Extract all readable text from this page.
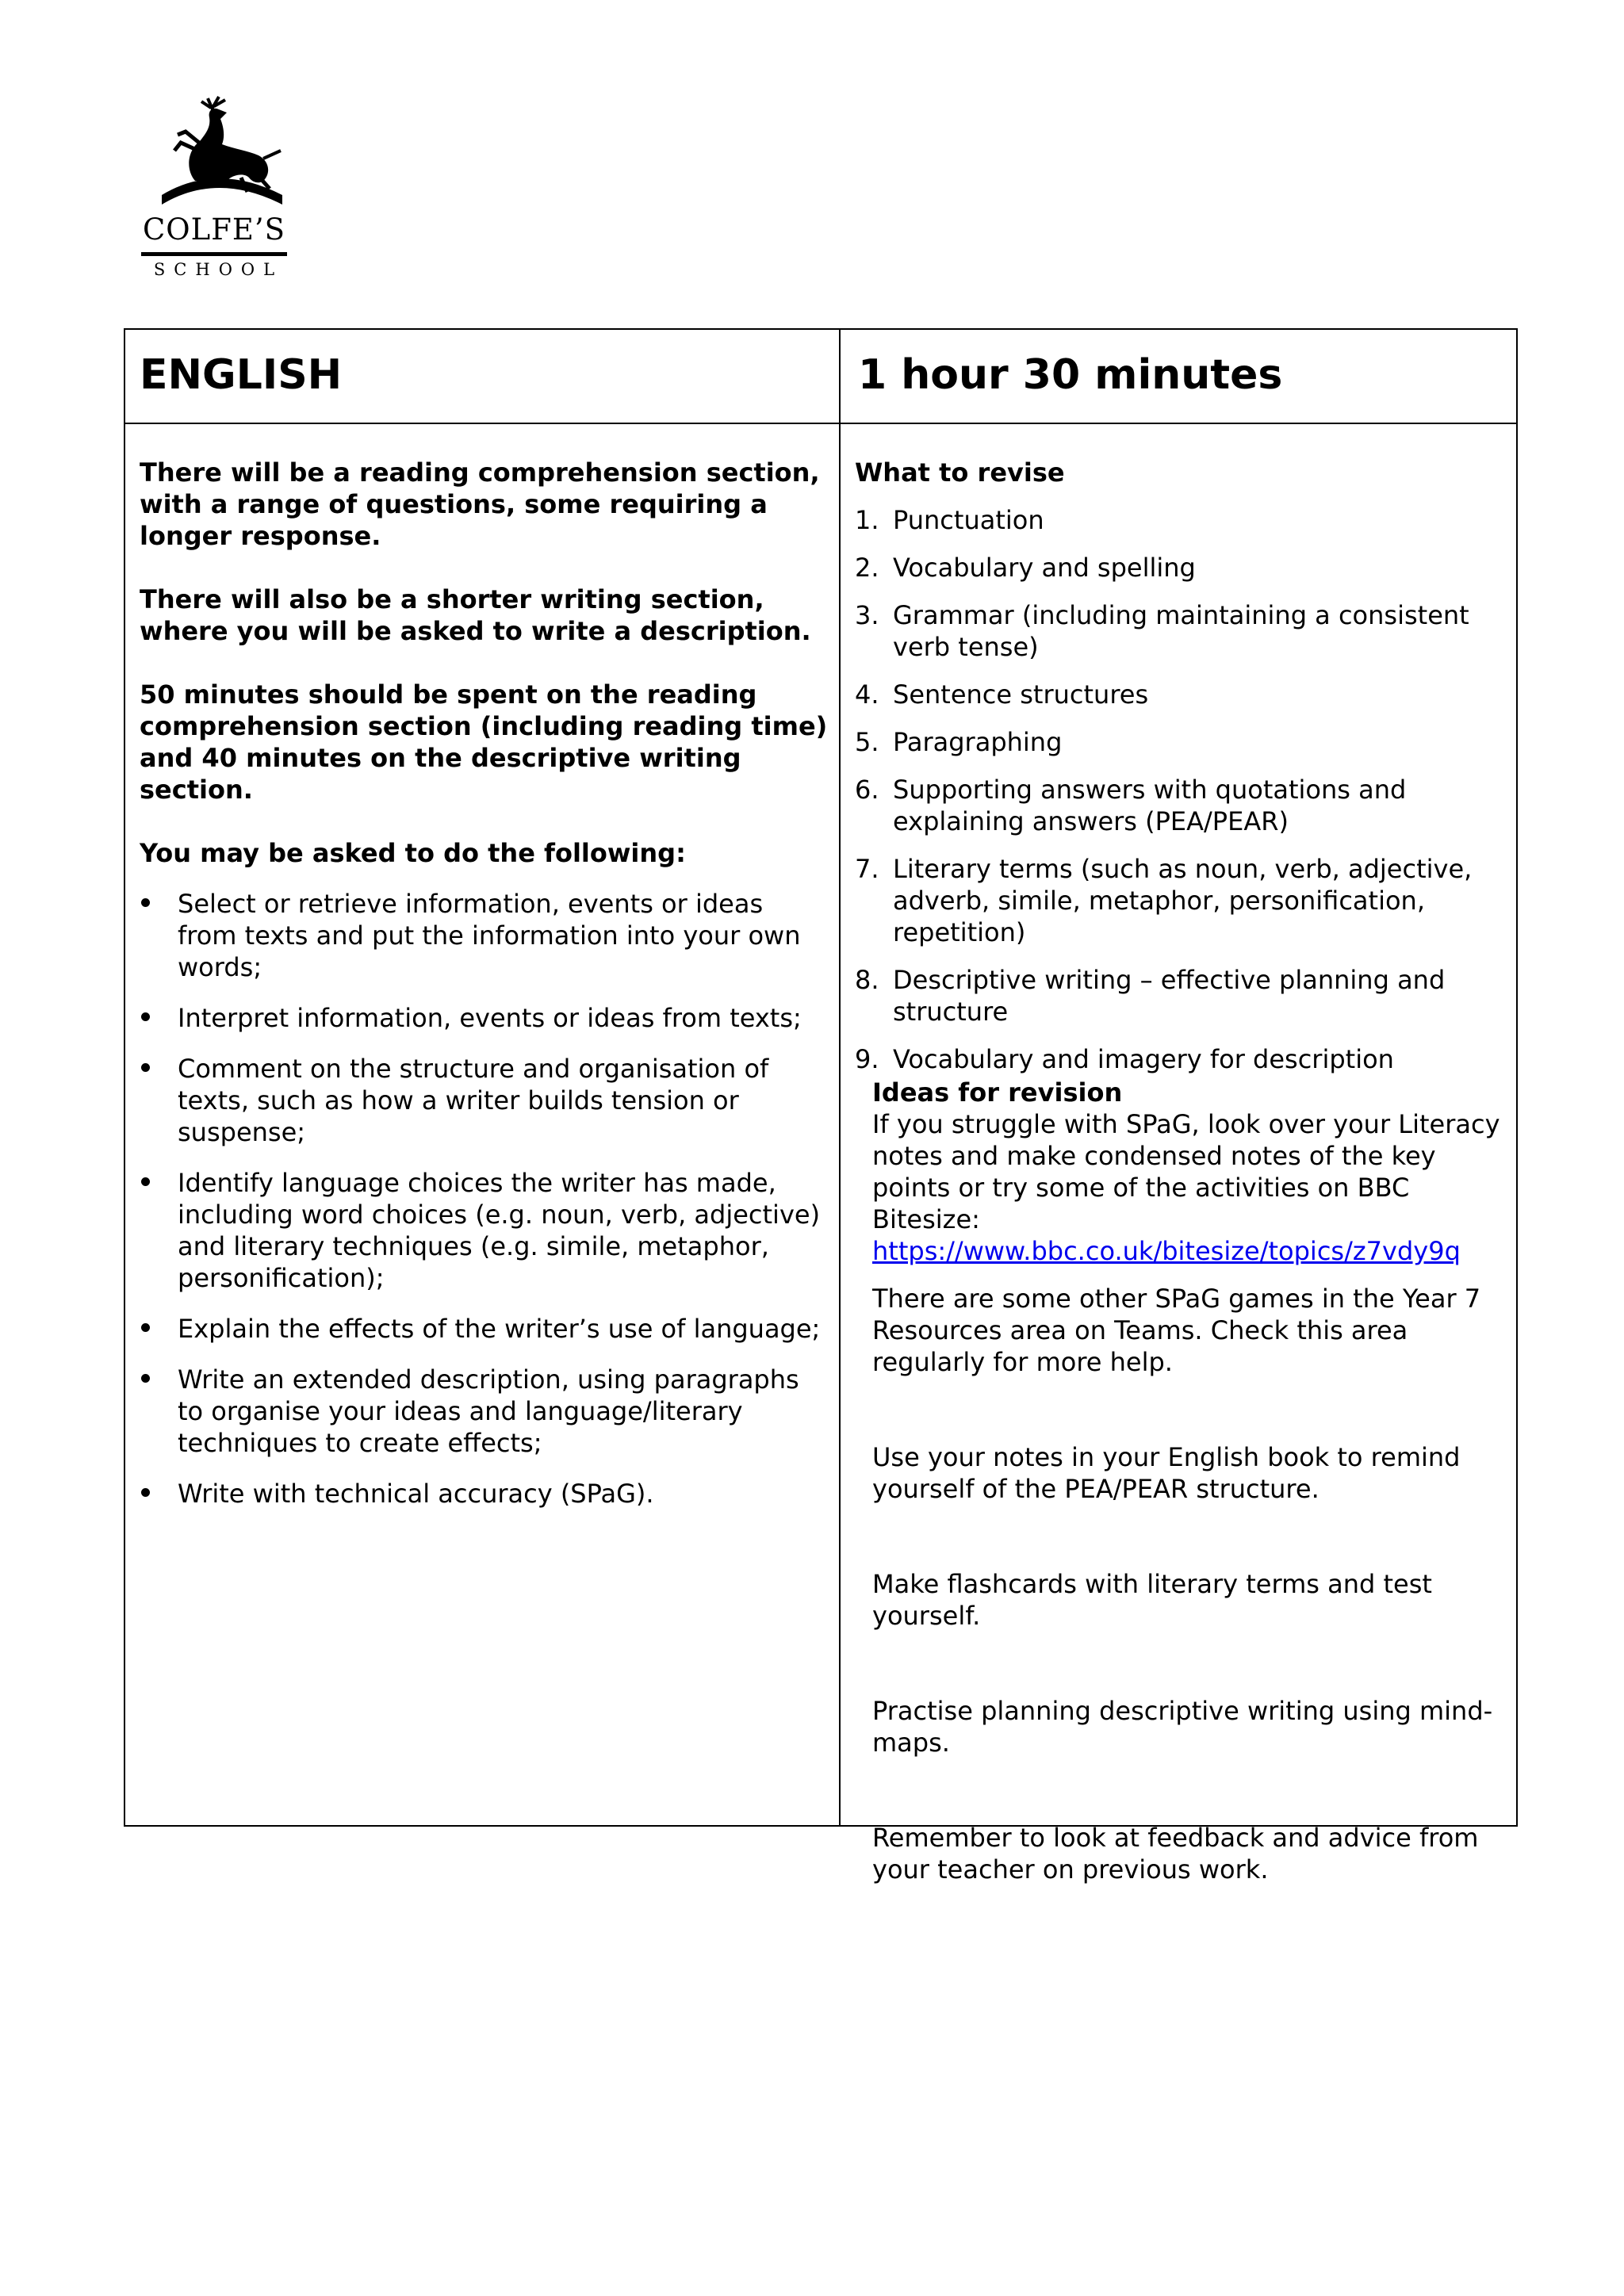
COLFE’S
SCHOOL
ENGLISH	1 hour 30 minutes

There will be a reading comprehension section, with a range of questions, some requiring a longer response.

There will also be a shorter writing section, where you will be asked to write a description.

50 minutes should be spent on the reading comprehension section (including reading time) and 40 minutes on the descriptive writing section.

You may be asked to do the following:

Select or retrieve information, events or ideas from texts and put the information into your own words;
Interpret information, events or ideas from texts;
Comment on the structure and organisation of texts, such as how a writer builds tension or suspense;
Identify language choices the writer has made, including word choices (e.g. noun, verb, adjective) and literary techniques (e.g. simile, metaphor, personification);
Explain the effects of the writer’s use of language;
Write an extended description, using paragraphs to organise your ideas and language/literary techniques to create effects;
Write with technical accuracy (SPaG).

What to revise

1. Punctuation
2. Vocabulary and spelling
3. Grammar (including maintaining a consistent verb tense)
4. Sentence structures
5. Paragraphing
6. Supporting answers with quotations and explaining answers (PEA/PEAR)
7. Literary terms (such as noun, verb, adjective, adverb, simile, metaphor, personification, repetition)
8. Descriptive writing – effective planning and structure
9. Vocabulary and imagery for description

Ideas for revision

If you struggle with SPaG, look over your Literacy notes and make condensed notes of the key points or try some of the activities on BBC Bitesize:
https://www.bbc.co.uk/bitesize/topics/z7vdy9q

There are some other SPaG games in the Year 7 Resources area on Teams. Check this area regularly for more help.

Use your notes in your English book to remind yourself of the PEA/PEAR structure.

Make flashcards with literary terms and test yourself.

Practise planning descriptive writing using mind-maps.

Remember to look at feedback and advice from your teacher on previous work.
